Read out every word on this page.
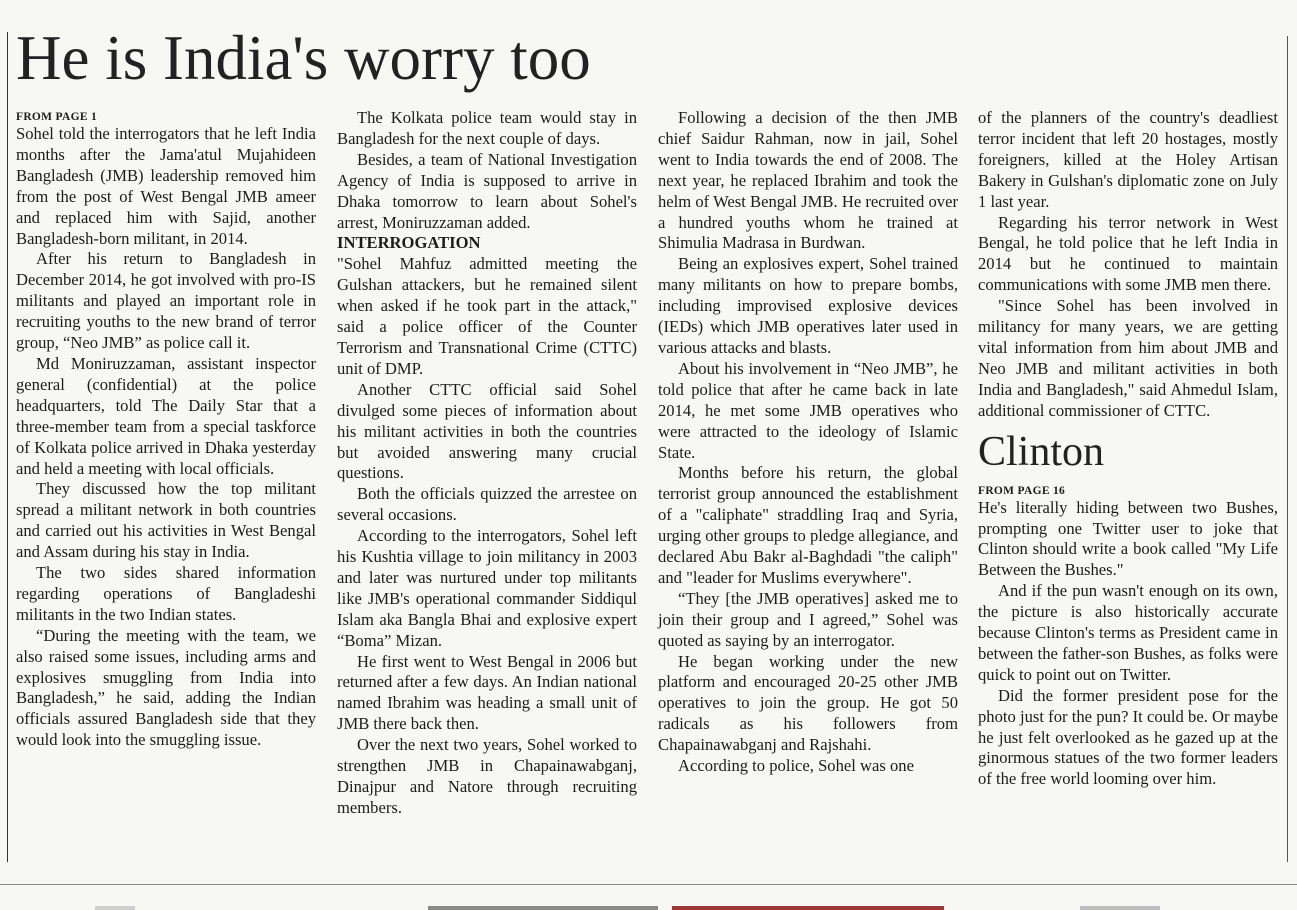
He is India's worry too
FROM PAGE 1

Sohel told the interrogators that he left India months after the Jama'atul Mujahideen Bangladesh (JMB) leadership removed him from the post of West Bengal JMB ameer and replaced him with Sajid, another Bangladesh-born militant, in 2014.

After his return to Bangladesh in December 2014, he got involved with pro-IS militants and played an important role in recruiting youths to the new brand of terror group, “Neo JMB” as police call it.

Md Moniruzzaman, assistant inspector general (confidential) at the police headquarters, told The Daily Star that a three-member team from a special taskforce of Kolkata police arrived in Dhaka yesterday and held a meeting with local officials.

They discussed how the top militant spread a militant network in both countries and carried out his activities in West Bengal and Assam during his stay in India.

The two sides shared information regarding operations of Bangladeshi militants in the two Indian states.

“During the meeting with the team, we also raised some issues, including arms and explosives smuggling from India into Bangladesh,” he said, adding the Indian officials assured Bangladesh side that they would look into the smuggling issue.

The Kolkata police team would stay in Bangladesh for the next couple of days.

Besides, a team of National Investigation Agency of India is supposed to arrive in Dhaka tomorrow to learn about Sohel's arrest, Moniruzzaman added.

INTERROGATION

"Sohel Mahfuz admitted meeting the Gulshan attackers, but he remained silent when asked if he took part in the attack," said a police officer of the Counter Terrorism and Transnational Crime (CTTC) unit of DMP.

Another CTTC official said Sohel divulged some pieces of information about his militant activities in both the countries but avoided answering many crucial questions.

Both the officials quizzed the arrestee on several occasions.

According to the interrogators, Sohel left his Kushtia village to join militancy in 2003 and later was nurtured under top militants like JMB's operational commander Siddiqul Islam aka Bangla Bhai and explosive expert “Boma” Mizan.

He first went to West Bengal in 2006 but returned after a few days. An Indian national named Ibrahim was heading a small unit of JMB there back then.

Over the next two years, Sohel worked to strengthen JMB in Chapainawabganj, Dinajpur and Natore through recruiting members.

Following a decision of the then JMB chief Saidur Rahman, now in jail, Sohel went to India towards the end of 2008. The next year, he replaced Ibrahim and took the helm of West Bengal JMB. He recruited over a hundred youths whom he trained at Shimulia Madrasa in Burdwan.

Being an explosives expert, Sohel trained many militants on how to prepare bombs, including improvised explosive devices (IEDs) which JMB operatives later used in various attacks and blasts.

About his involvement in “Neo JMB”, he told police that after he came back in late 2014, he met some JMB operatives who were attracted to the ideology of Islamic State.

Months before his return, the global terrorist group announced the establishment of a "caliphate" straddling Iraq and Syria, urging other groups to pledge allegiance, and declared Abu Bakr al-Baghdadi "the caliph" and "leader for Muslims everywhere".

“They [the JMB operatives] asked me to join their group and I agreed,” Sohel was quoted as saying by an interrogator.

He began working under the new platform and encouraged 20-25 other JMB operatives to join the group. He got 50 radicals as his followers from Chapainawabganj and Rajshahi.

According to police, Sohel was one

of the planners of the country's deadliest terror incident that left 20 hostages, mostly foreigners, killed at the Holey Artisan Bakery in Gulshan's diplomatic zone on July 1 last year.

Regarding his terror network in West Bengal, he told police that he left India in 2014 but he continued to maintain communications with some JMB men there.

"Since Sohel has been involved in militancy for many years, we are getting vital information from him about JMB and Neo JMB and militant activities in both India and Bangladesh," said Ahmedul Islam, additional commissioner of CTTC.

Clinton
FROM PAGE 16

He's literally hiding between two Bushes, prompting one Twitter user to joke that Clinton should write a book called "My Life Between the Bushes."

And if the pun wasn't enough on its own, the picture is also historically accurate because Clinton's terms as President came in between the father-son Bushes, as folks were quick to point out on Twitter.

Did the former president pose for the photo just for the pun? It could be. Or maybe he just felt overlooked as he gazed up at the ginormous statues of the two former leaders of the free world looming over him.
